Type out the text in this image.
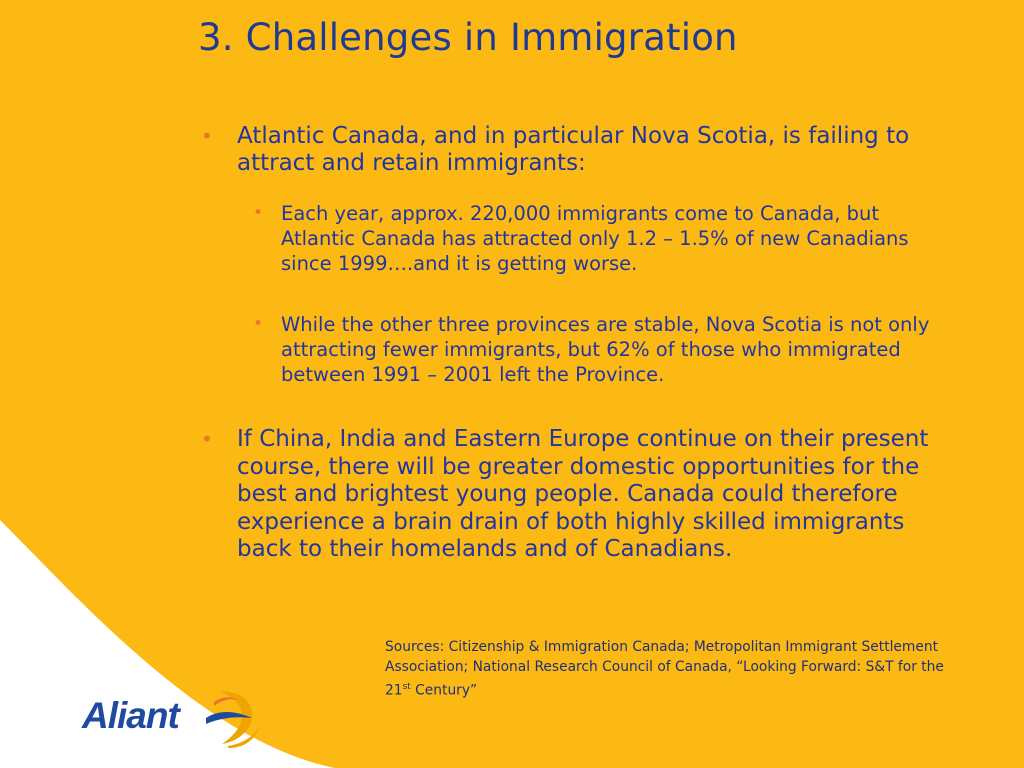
3. Challenges in Immigration
•	Atlantic Canada, and in particular Nova Scotia, is failing to attract and retain immigrants:
• Each year, approx. 220,000 immigrants come to Canada, but Atlantic Canada has attracted only 1.2 – 1.5% of new Canadians since 1999….and it is getting worse.
• While the other three provinces are stable, Nova Scotia is not only attracting fewer immigrants, but 62% of those who immigrated between 1991 – 2001 left the Province.
•	If China, India and Eastern Europe continue on their present course, there will be greater domestic opportunities for the best and brightest young people. Canada could therefore experience a brain drain of both highly skilled immigrants back to their homelands and of Canadians.
Sources: Citizenship & Immigration Canada; Metropolitan Immigrant Settlement Association; National Research Council of Canada, “Looking Forward: S&T for the 21st Century”
Aliant
